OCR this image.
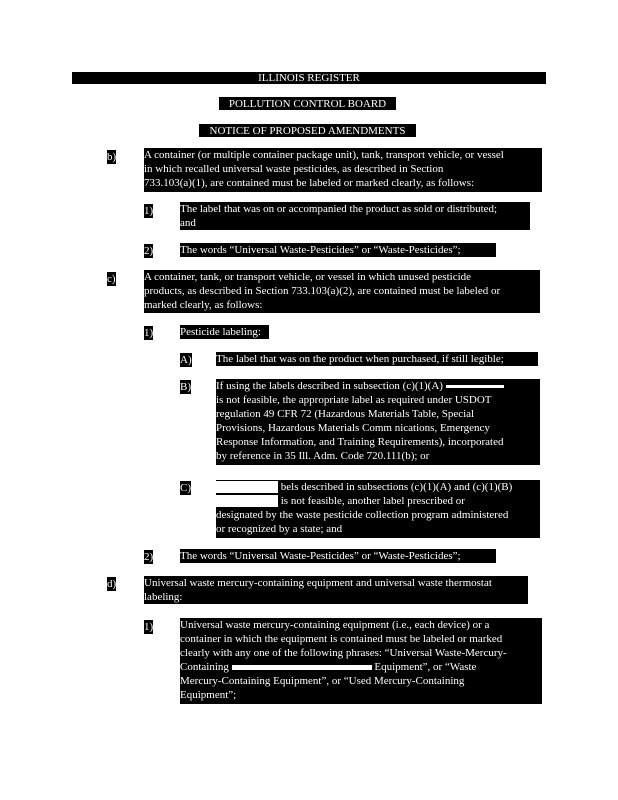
ILLINOIS REGISTER
POLLUTION CONTROL BOARD
NOTICE OF PROPOSED AMENDMENTS
b)	A container (or multiple container package unit), tank, transport vehicle, or vessel
in which recalled universal waste pesticides, as described in Section
733.103(a)(1), are contained must be labeled or marked clearly, as follows:
1) The label that was on or accompanied the product as sold or distributed;
and
2) The words “Universal Waste-Pesticides” or “Waste-Pesticides”;
c)	A container, tank, or transport vehicle, or vessel in which unused pesticide
products, as described in Section 733.103(a)(2), are contained must be labeled or
marked clearly, as follows:
1) Pesticide labeling:
A) The label that was on the product when purchased, if still legible;
B) If using the labels described in subsection (c)(1)(A)
is not feasible, the appropriate label as required under USDOT
regulation 49 CFR 72 (Hazardous Materials Table, Special
Provisions, Hazardous Materials Comm nications, Emergency
Response Information, and Training Requirements), incorporated
by reference in 35 Ill. Adm. Code 720.111(b); or
C)	bels described in subsections (c)(1)(A) and (c)(1)(B)
is not feasible, another label prescribed or
designated by the waste pesticide collection program administered
or recognized by a state; and
2) The words “Universal Waste-Pesticides” or “Waste-Pesticides”;
d)	Universal waste mercury-containing equipment and universal waste thermostat
labeling:
1) Universal waste mercury-containing equipment (i.e., each device) or a
container in which the equipment is contained must be labeled or marked
clearly with any one of the following phrases: “Universal Waste-Mercury-
Containing	Equipment”, or “Waste
Mercury-Containing Equipment”, or “Used Mercury-Containing
Equipment”;
